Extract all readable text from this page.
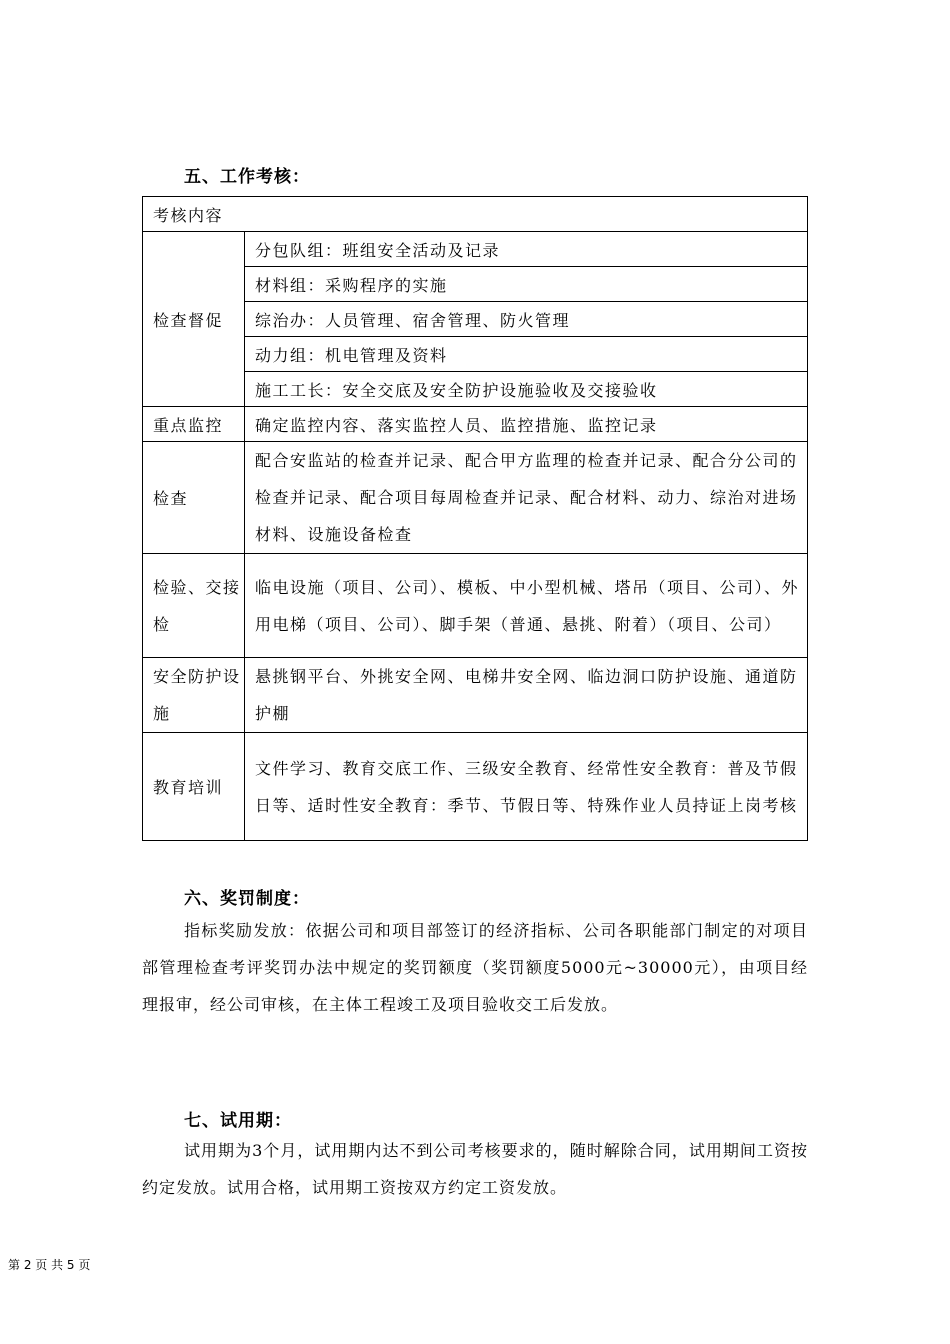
五、工作考核：
考核内容	
检查督促	分包队组：班组安全活动及记录
	材料组：采购程序的实施
	综治办：人员管理、宿舍管理、防火管理
	动力组：机电管理及资料
	施工工长：安全交底及安全防护设施验收及交接验收
重点监控	确定监控内容、落实监控人员、监控措施、监控记录
检查	配合安监站的检查并记录、配合甲方监理的检查并记录、配合分公司的检查并记录、配合项目每周检查并记录、配合材料、动力、综治对进场材料、设施设备检查
检验、交接检	临电设施（项目、公司）、模板、中小型机械、塔吊（项目、公司）、外用电梯（项目、公司）、脚手架（普通、悬挑、附着）（项目、公司）
安全防护设施	悬挑钢平台、外挑安全网、电梯井安全网、临边洞口防护设施、通道防护棚
教育培训	文件学习、教育交底工作、三级安全教育、经常性安全教育：普及节假日等、适时性安全教育：季节、节假日等、特殊作业人员持证上岗考核
六、奖罚制度：

指标奖励发放：依据公司和项目部签订的经济指标、公司各职能部门制定的对项目部管理检查考评奖罚办法中规定的奖罚额度（奖罚额度5000元~30000元），由项目经理报审，经公司审核，在主体工程竣工及项目验收交工后发放。

七、试用期：

试用期为3个月，试用期内达不到公司考核要求的，随时解除合同，试用期间工资按约定发放。试用合格，试用期工资按双方约定工资发放。

第 2 页 共 5 页
